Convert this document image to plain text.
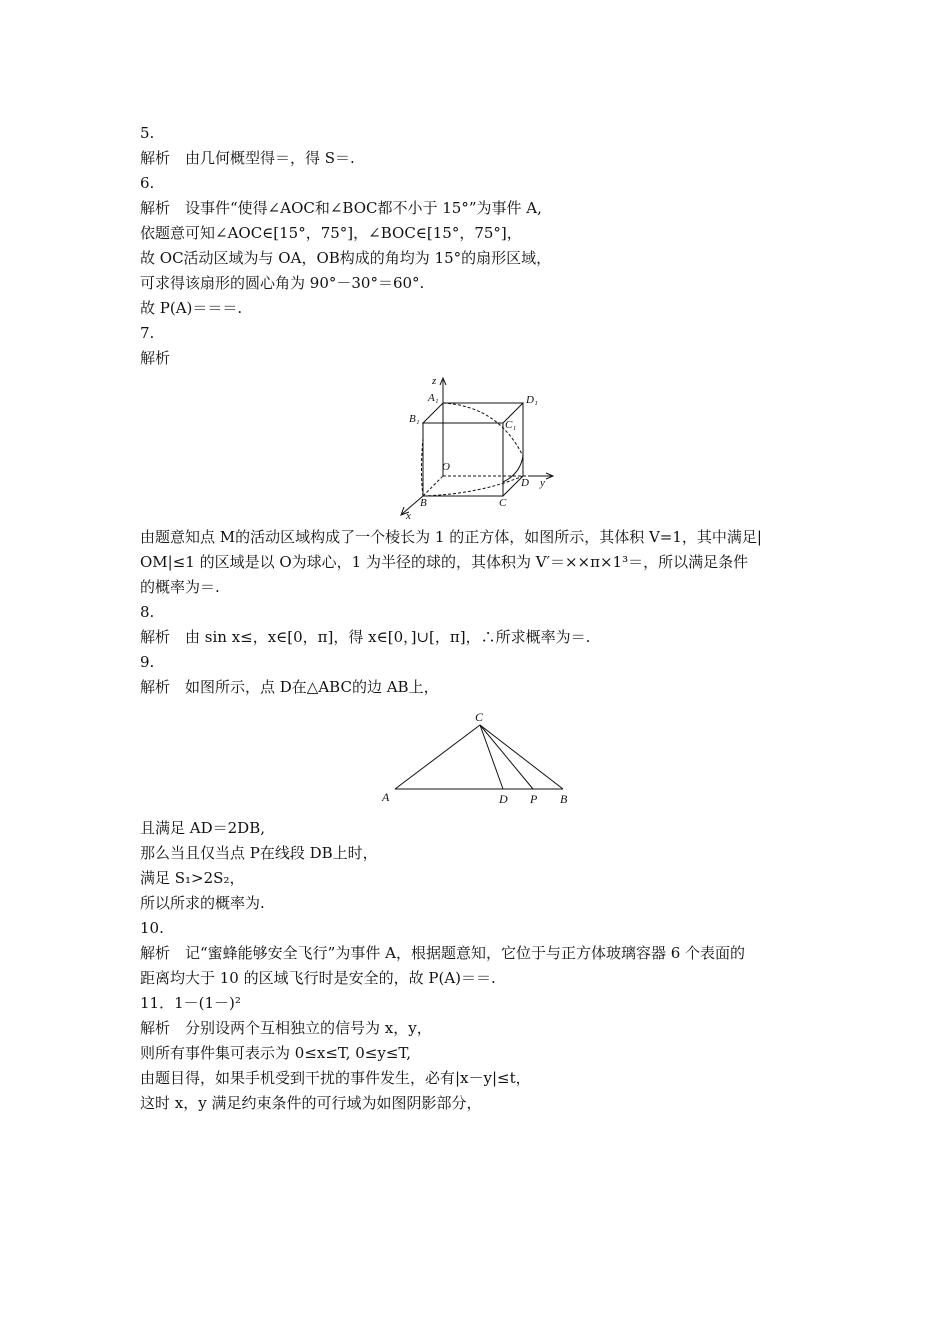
5.
解析　由几何概型得＝，得 S＝.
6.
解析　设事件“使得∠AOC和∠BOC都不小于 15°”为事件 A,
依题意可知∠AOC∈[15°，75°]，∠BOC∈[15°，75°]，
故 OC活动区域为与 OA，OB构成的角均为 15°的扇形区域，
可求得该扇形的圆心角为 90°－30°＝60°.
故 P(A)＝＝＝.
7.
解析
z
A₁	D₁
B₁	C₁
O
y
D
B	C
x
由题意知点 M的活动区域构成了一个棱长为 1 的正方体，如图所示，其体积 V=1，其中满足|
OM|≤1 的区域是以 O为球心，1 为半径的球的，其体积为 V′＝××π×1³＝，所以满足条件
的概率为＝.
8.
解析　由 sin x≤，x∈[0，π]，得 x∈[0，]∪[，π]，∴所求概率为＝.
9.
解析　如图所示，点 D在△ABC的边 AB上，
C
A	D P B
且满足 AD＝2DB,
那么当且仅当点 P在线段 DB上时，
满足 S₁>2S₂，
所以所求的概率为.
10.
解析　记“蜜蜂能够安全飞行”为事件 A，根据题意知，它位于与正方体玻璃容器 6 个表面的
距离均大于 10 的区域飞行时是安全的，故 P(A)＝＝.
11．1－(1－)²
解析　分别设两个互相独立的信号为 x，y，
则所有事件集可表示为 0≤x≤T, 0≤y≤T,
由题目得，如果手机受到干扰的事件发生，必有|x－y|≤t，
这时 x，y 满足约束条件的可行域为如图阴影部分，
